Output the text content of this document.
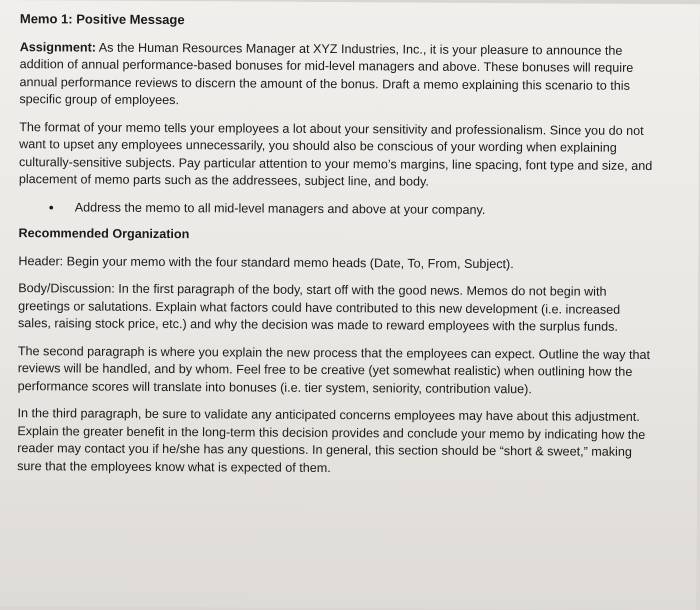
Memo 1: Positive Message

Assignment: As the Human Resources Manager at XYZ Industries, Inc., it is your pleasure to announce the addition of annual performance-based bonuses for mid-level managers and above. These bonuses will require annual performance reviews to discern the amount of the bonus. Draft a memo explaining this scenario to this specific group of employees.

The format of your memo tells your employees a lot about your sensitivity and professionalism. Since you do not want to upset any employees unnecessarily, you should also be conscious of your wording when explaining culturally-sensitive subjects. Pay particular attention to your memo’s margins, line spacing, font type and size, and placement of memo parts such as the addressees, subject line, and body.

•	Address the memo to all mid-level managers and above at your company.
Recommended Organization

Header: Begin your memo with the four standard memo heads (Date, To, From, Subject).

Body/Discussion: In the first paragraph of the body, start off with the good news. Memos do not begin with greetings or salutations. Explain what factors could have contributed to this new development (i.e. increased sales, raising stock price, etc.) and why the decision was made to reward employees with the surplus funds.

The second paragraph is where you explain the new process that the employees can expect. Outline the way that reviews will be handled, and by whom. Feel free to be creative (yet somewhat realistic) when outlining how the performance scores will translate into bonuses (i.e. tier system, seniority, contribution value).

In the third paragraph, be sure to validate any anticipated concerns employees may have about this adjustment. Explain the greater benefit in the long-term this decision provides and conclude your memo by indicating how the reader may contact you if he/she has any questions. In general, this section should be “short & sweet,” making sure that the employees know what is expected of them.
